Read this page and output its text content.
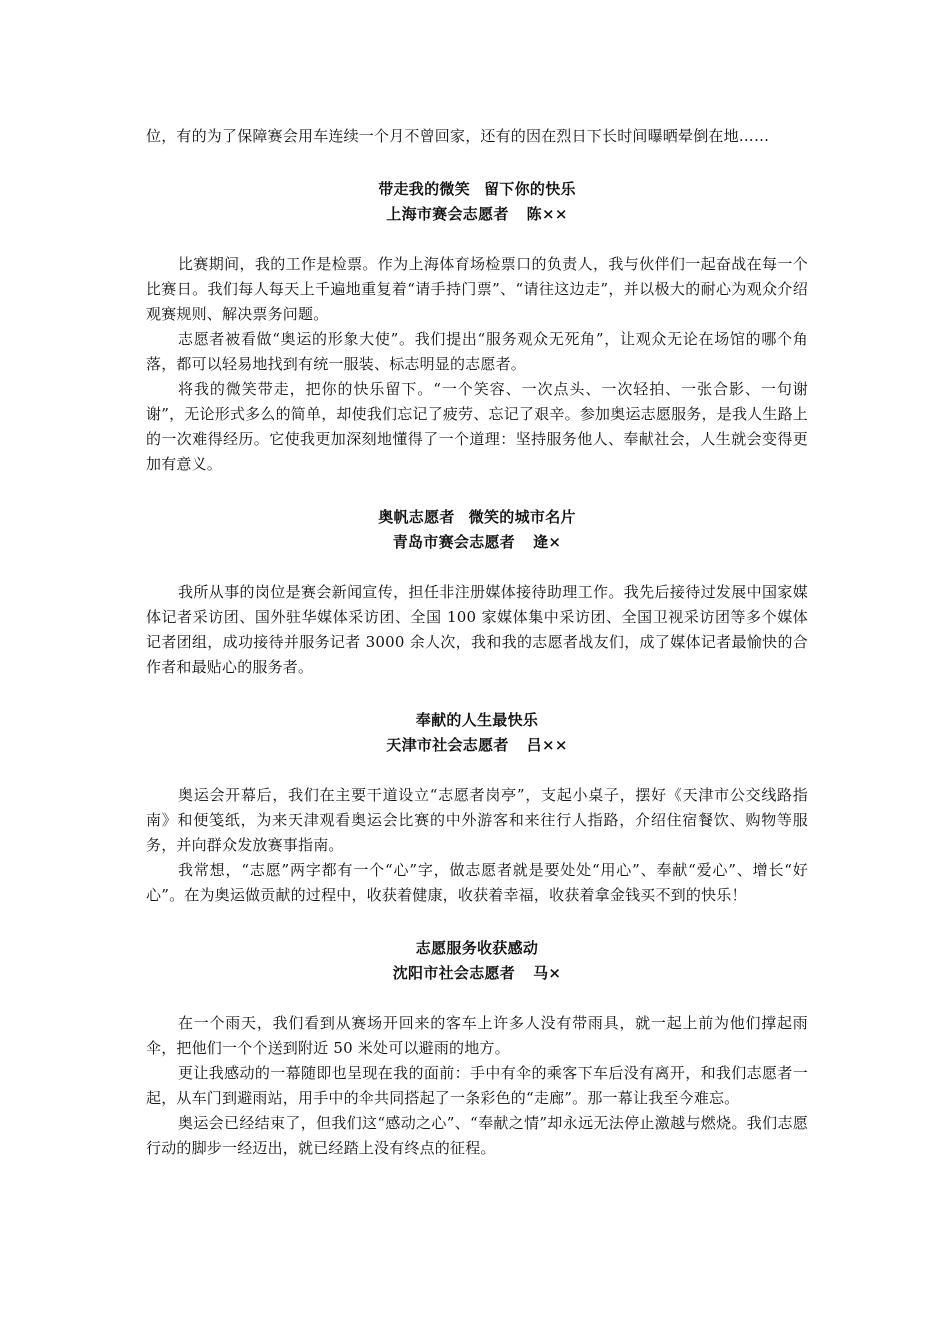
位，有的为了保障赛会用车连续一个月不曾回家，还有的因在烈日下长时间曝晒晕倒在地……

带走我的微笑 留下你的快乐
上海市赛会志愿者 陈××

比赛期间，我的工作是检票。作为上海体育场检票口的负责人，我与伙伴们一起奋战在每一个比赛日。我们每人每天上千遍地重复着“请手持门票”、“请往这边走”，并以极大的耐心为观众介绍观赛规则、解决票务问题。

志愿者被看做“奥运的形象大使”。我们提出“服务观众无死角”，让观众无论在场馆的哪个角落，都可以轻易地找到有统一服装、标志明显的志愿者。

将我的微笑带走，把你的快乐留下。“一个笑容、一次点头、一次轻拍、一张合影、一句谢谢”，无论形式多么的简单，却使我们忘记了疲劳、忘记了艰辛。参加奥运志愿服务，是我人生路上的一次难得经历。它使我更加深刻地懂得了一个道理：坚持服务他人、奉献社会，人生就会变得更加有意义。

奥帆志愿者 微笑的城市名片
青岛市赛会志愿者 逄×

我所从事的岗位是赛会新闻宣传，担任非注册媒体接待助理工作。我先后接待过发展中国家媒体记者采访团、国外驻华媒体采访团、全国 100 家媒体集中采访团、全国卫视采访团等多个媒体记者团组，成功接待并服务记者 3000 余人次，我和我的志愿者战友们，成了媒体记者最愉快的合作者和最贴心的服务者。

奉献的人生最快乐
天津市社会志愿者 吕××

奥运会开幕后，我们在主要干道设立“志愿者岗亭”，支起小桌子，摆好《天津市公交线路指南》和便笺纸，为来天津观看奥运会比赛的中外游客和来往行人指路，介绍住宿餐饮、购物等服务，并向群众发放赛事指南。

我常想，“志愿”两字都有一个“心”字，做志愿者就是要处处“用心”、奉献“爱心”、增长“好心”。在为奥运做贡献的过程中，收获着健康，收获着幸福，收获着拿金钱买不到的快乐！

志愿服务收获感动
沈阳市社会志愿者 马×

在一个雨天，我们看到从赛场开回来的客车上许多人没有带雨具，就一起上前为他们撑起雨伞，把他们一个个送到附近 50 米处可以避雨的地方。

更让我感动的一幕随即也呈现在我的面前：手中有伞的乘客下车后没有离开，和我们志愿者一起，从车门到避雨站，用手中的伞共同搭起了一条彩色的“走廊”。那一幕让我至今难忘。

奥运会已经结束了，但我们这“感动之心”、“奉献之情”却永远无法停止激越与燃烧。我们志愿行动的脚步一经迈出，就已经踏上没有终点的征程。
